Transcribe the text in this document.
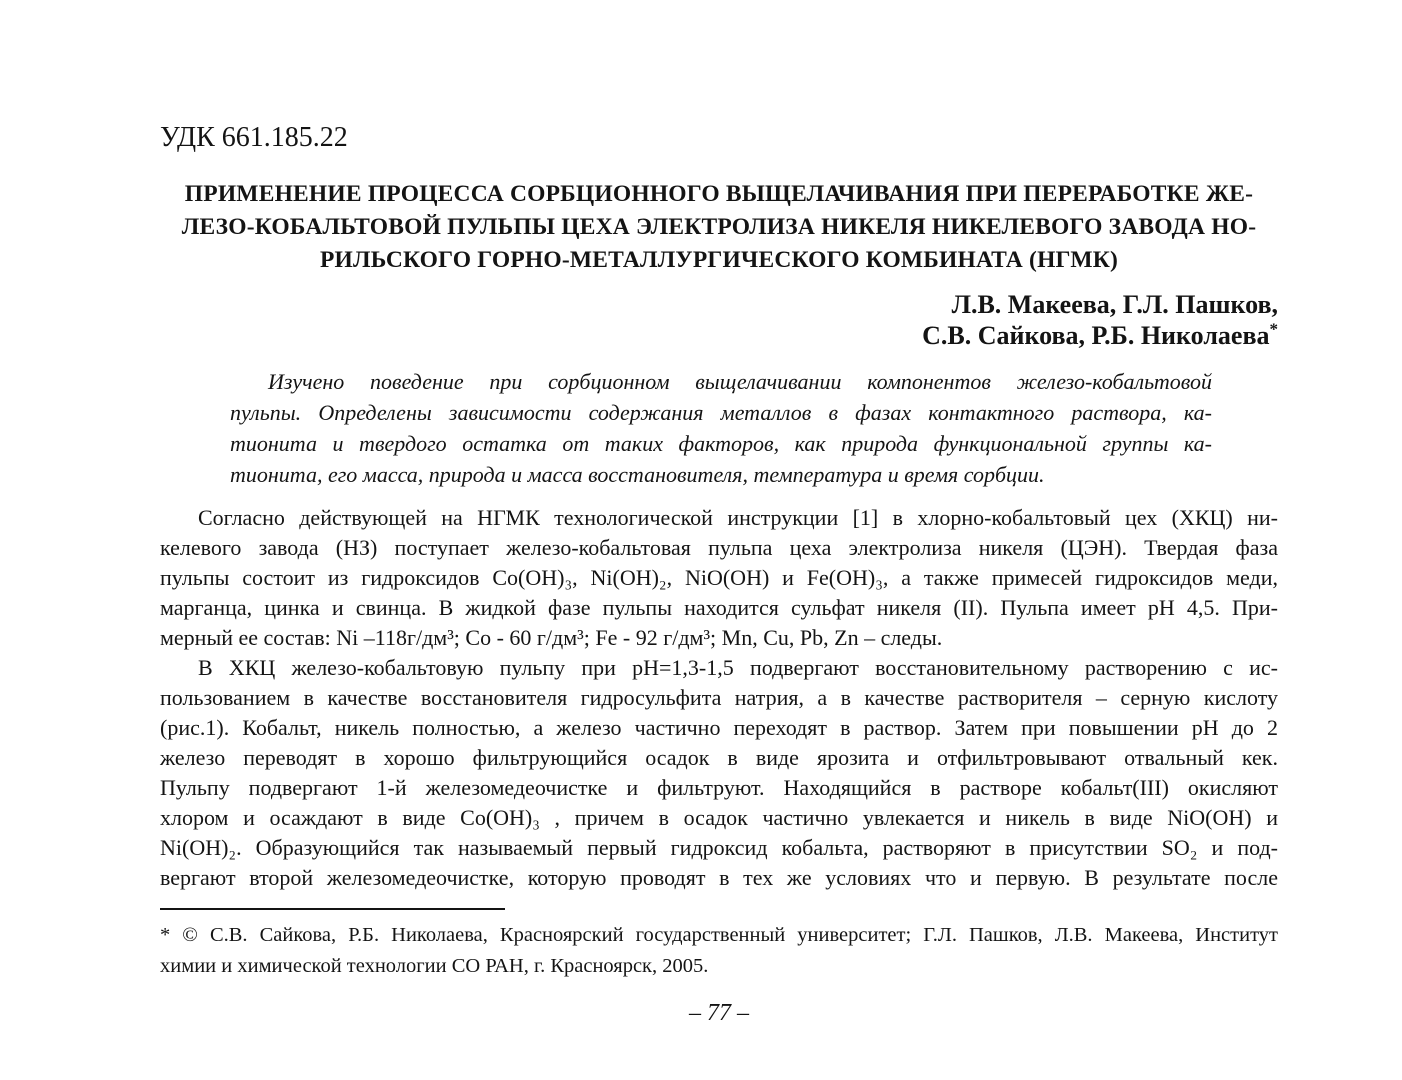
УДК 661.185.22
ПРИМЕНЕНИЕ ПРОЦЕССА СОРБЦИОННОГО ВЫЩЕЛАЧИВАНИЯ ПРИ ПЕРЕРАБОТКЕ ЖЕ-
ЛЕЗО-КОБАЛЬТОВОЙ ПУЛЬПЫ ЦЕХА ЭЛЕКТРОЛИЗА НИКЕЛЯ НИКЕЛЕВОГО ЗАВОДА НО-
РИЛЬСКОГО ГОРНО-МЕТАЛЛУРГИЧЕСКОГО КОМБИНАТА (НГМК)
Л.В. Макеева, Г.Л. Пашков,
С.В. Сайкова, Р.Б. Николаева*
Изучено поведение при сорбционном выщелачивании компонентов железо-кобальтовой
пульпы. Определены зависимости содержания металлов в фазах контактного раствора, ка-
тионита и твердого остатка от таких факторов, как природа функциональной группы ка-
тионита, его масса, природа и масса восстановителя, температура и время сорбции.
Согласно действующей на НГМК технологической инструкции [1] в хлорно-кобальтовый цех (ХКЦ) ни-
келевого завода (НЗ) поступает железо-кобальтовая пульпа цеха электролиза никеля (ЦЭН). Твердая фаза
пульпы состоит из гидроксидов Co(OH)₃, Ni(OH)₂, NiO(OH) и Fe(OH)₃, а также примесей гидроксидов меди,
марганца, цинка и свинца. В жидкой фазе пульпы находится сульфат никеля (II). Пульпа имеет pH 4,5. При-
мерный ее состав: Ni –118г/дм³; Co - 60 г/дм³; Fe - 92 г/дм³; Mn, Cu, Pb, Zn – следы.
В ХКЦ железо-кобальтовую пульпу при pH=1,3-1,5 подвергают восстановительному растворению с ис-
пользованием в качестве восстановителя гидросульфита натрия, а в качестве растворителя – серную кислоту
(рис.1). Кобальт, никель полностью, а железо частично переходят в раствор. Затем при повышении pH до 2
железо переводят в хорошо фильтрующийся осадок в виде ярозита и отфильтровывают отвальный кек.
Пульпу подвергают 1-й железомедеочистке и фильтруют. Находящийся в растворе кобальт(III) окисляют
хлором и осаждают в виде Co(OH)₃ , причем в осадок частично увлекается и никель в виде NiO(OH) и
Ni(OH)₂. Образующийся так называемый первый гидроксид кобальта, растворяют в присутствии SO₂ и под-
вергают второй железомедеочистке, которую проводят в тех же условиях что и первую. В результате после
* © С.В. Сайкова, Р.Б. Николаева, Красноярский государственный университет; Г.Л. Пашков, Л.В. Макеева, Институт
химии и химической технологии СО РАН, г. Красноярск, 2005.
– 77 –
